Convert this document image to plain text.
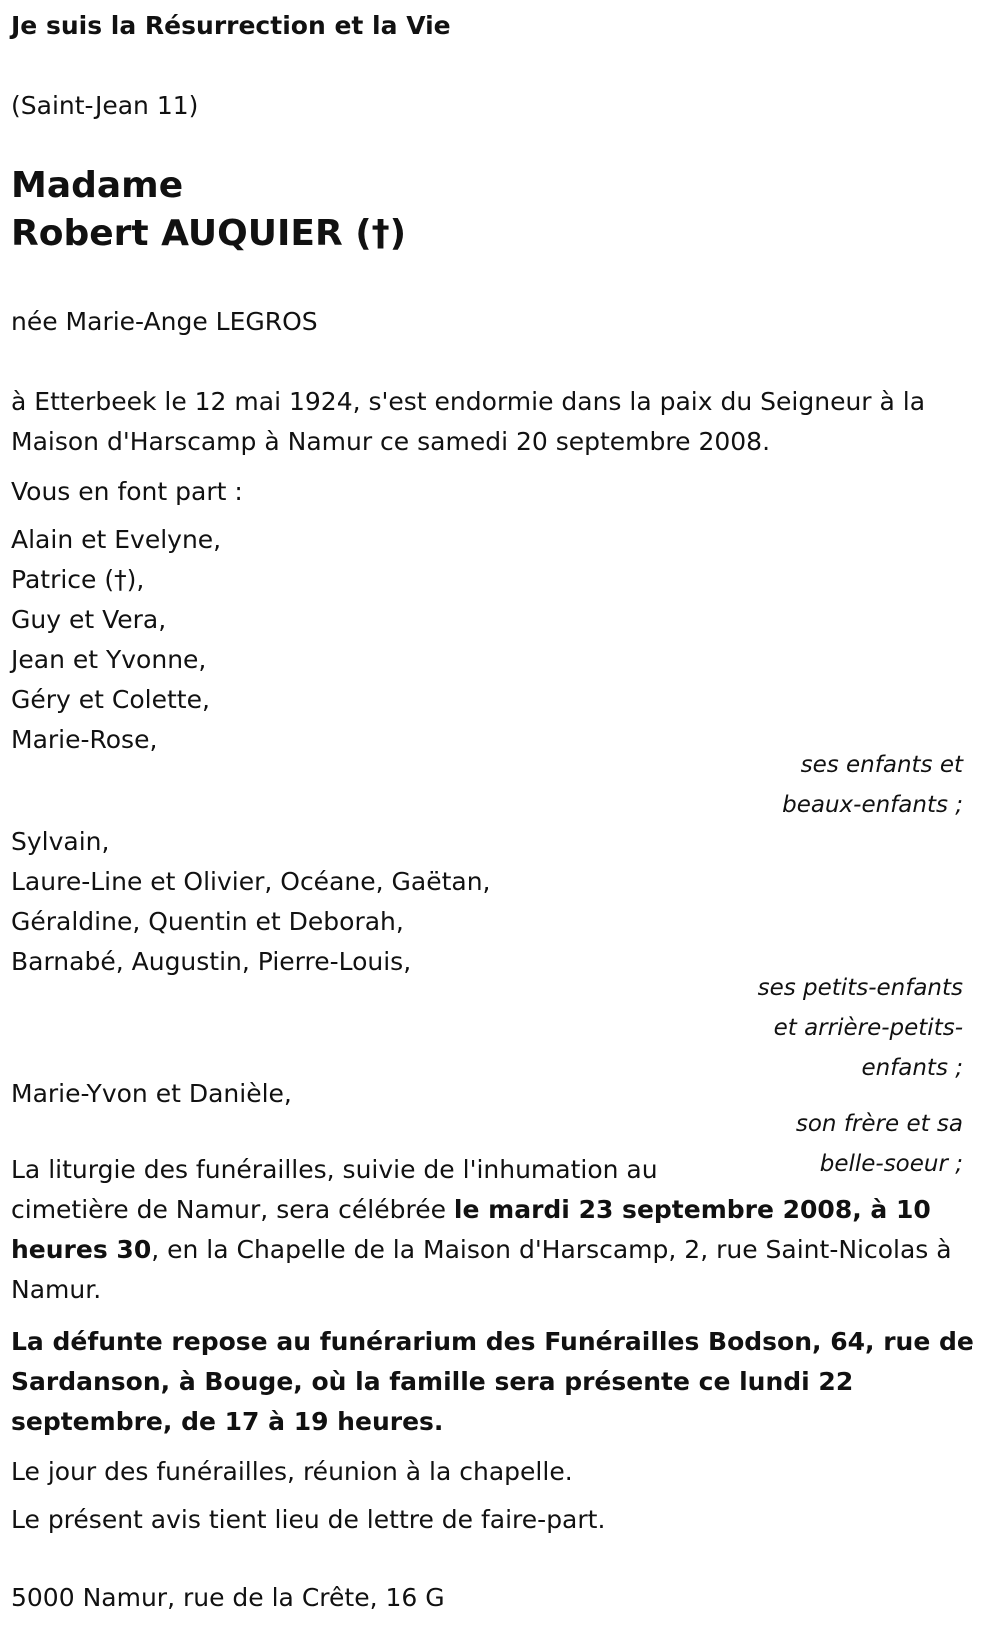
Je suis la Résurrection et la Vie
(Saint-Jean 11)
Madame
Robert AUQUIER (†)
née Marie-Ange LEGROS
à Etterbeek le 12 mai 1924, s'est endormie dans la paix du Seigneur à la Maison d'Harscamp à Namur ce samedi 20 septembre 2008.
Vous en font part :
Alain et Evelyne,
Patrice (†),
Guy et Vera,
Jean et Yvonne,
Géry et Colette,
Marie-Rose,
ses enfants et
beaux-enfants ;
Sylvain,
Laure-Line et Olivier, Océane, Gaëtan,
Géraldine, Quentin et Deborah,
Barnabé, Augustin, Pierre-Louis,
ses petits-enfants
et arrière-petits-
enfants ;
Marie-Yvon et Danièle,
son frère et sa
belle-soeur ;
La liturgie des funérailles, suivie de l'inhumation au
cimetière de Namur, sera célébrée le mardi 23 septembre 2008, à 10 heures 30, en la Chapelle de la Maison d'Harscamp, 2, rue Saint-Nicolas à Namur.
La défunte repose au funérarium des Funérailles Bodson, 64, rue de Sardanson, à Bouge, où la famille sera présente ce lundi 22 septembre, de 17 à 19 heures.
Le jour des funérailles, réunion à la chapelle.
Le présent avis tient lieu de lettre de faire-part.
5000 Namur, rue de la Crête, 16 G
